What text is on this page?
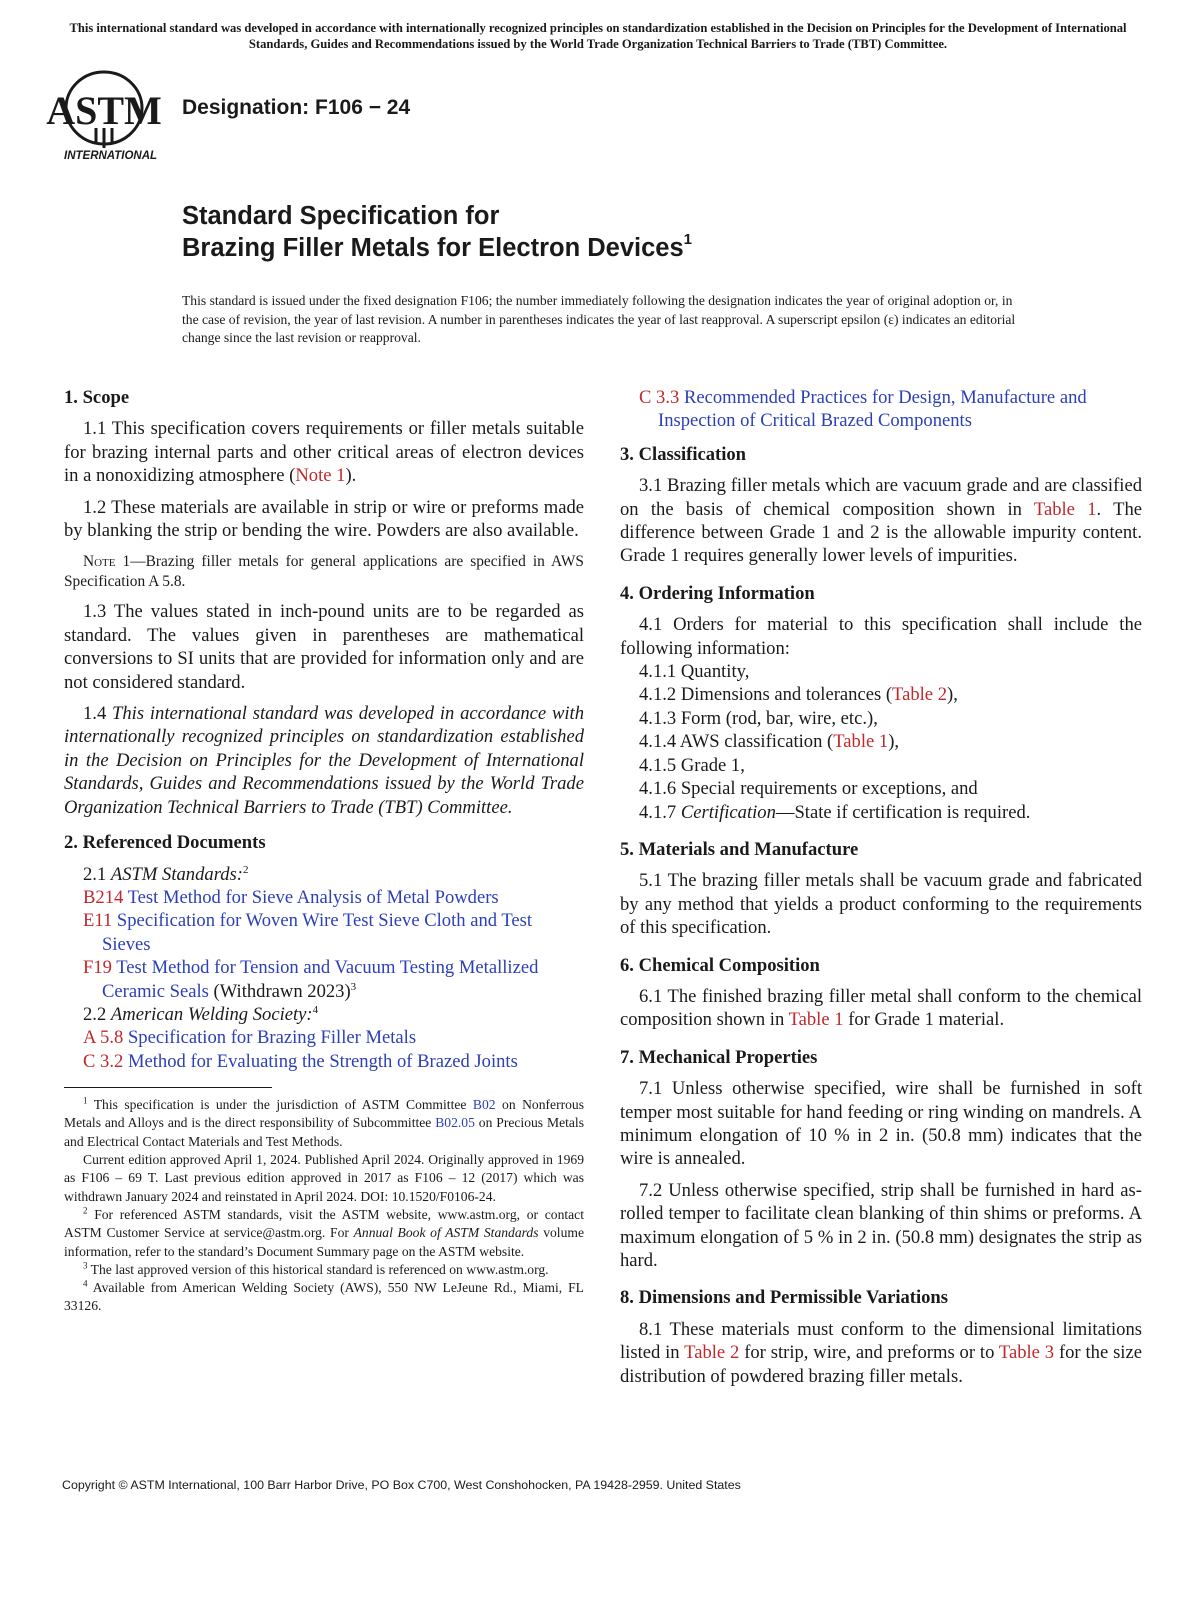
This international standard was developed in accordance with internationally recognized principles on standardization established in the Decision on Principles for the Development of International Standards, Guides and Recommendations issued by the World Trade Organization Technical Barriers to Trade (TBT) Committee.
ASTM
INTERNATIONAL
Designation: F106 − 24
Standard Specification for
Brazing Filler Metals for Electron Devices$^1$
This standard is issued under the fixed designation F106; the number immediately following the designation indicates the year of original adoption or, in the case of revision, the year of last revision. A number in parentheses indicates the year of last reapproval. A superscript epsilon (ε) indicates an editorial change since the last revision or reapproval.
1. Scope

1.1 This specification covers requirements or filler metals suitable for brazing internal parts and other critical areas of electron devices in a nonoxidizing atmosphere (Note 1).

1.2 These materials are available in strip or wire or preforms made by blanking the strip or bending the wire. Powders are also available.

Note 1—Brazing filler metals for general applications are specified in AWS Specification A 5.8.

1.3 The values stated in inch-pound units are to be regarded as standard. The values given in parentheses are mathematical conversions to SI units that are provided for information only and are not considered standard.

1.4 This international standard was developed in accordance with internationally recognized principles on standardization established in the Decision on Principles for the Development of International Standards, Guides and Recommendations issued by the World Trade Organization Technical Barriers to Trade (TBT) Committee.

2. Referenced Documents

2.1 ASTM Standards:$^2$

B214 Test Method for Sieve Analysis of Metal Powders

E11 Specification for Woven Wire Test Sieve Cloth and Test Sieves

F19 Test Method for Tension and Vacuum Testing Metallized Ceramic Seals (Withdrawn 2023)$^3$

2.2 American Welding Society:$^4$

A 5.8 Specification for Brazing Filler Metals

C 3.2 Method for Evaluating the Strength of Brazed Joints

$^1$ This specification is under the jurisdiction of ASTM Committee B02 on Nonferrous Metals and Alloys and is the direct responsibility of Subcommittee B02.05 on Precious Metals and Electrical Contact Materials and Test Methods.

Current edition approved April 1, 2024. Published April 2024. Originally approved in 1969 as F106 – 69 T. Last previous edition approved in 2017 as F106 – 12 (2017) which was withdrawn January 2024 and reinstated in April 2024. DOI: 10.1520/F0106-24.

$^2$ For referenced ASTM standards, visit the ASTM website, www.astm.org, or contact ASTM Customer Service at service@astm.org. For Annual Book of ASTM Standards volume information, refer to the standard’s Document Summary page on the ASTM website.

$^3$ The last approved version of this historical standard is referenced on www.astm.org.

$^4$ Available from American Welding Society (AWS), 550 NW LeJeune Rd., Miami, FL 33126.

C 3.3 Recommended Practices for Design, Manufacture and Inspection of Critical Brazed Components

3. Classification

3.1 Brazing filler metals which are vacuum grade and are classified on the basis of chemical composition shown in Table 1. The difference between Grade 1 and 2 is the allowable impurity content. Grade 1 requires generally lower levels of impurities.

4. Ordering Information

4.1 Orders for material to this specification shall include the following information:

4.1.1 Quantity,

4.1.2 Dimensions and tolerances (Table 2),

4.1.3 Form (rod, bar, wire, etc.),

4.1.4 AWS classification (Table 1),

4.1.5 Grade 1,

4.1.6 Special requirements or exceptions, and

4.1.7 Certification—State if certification is required.

5. Materials and Manufacture

5.1 The brazing filler metals shall be vacuum grade and fabricated by any method that yields a product conforming to the requirements of this specification.

6. Chemical Composition

6.1 The finished brazing filler metal shall conform to the chemical composition shown in Table 1 for Grade 1 material.

7. Mechanical Properties

7.1 Unless otherwise specified, wire shall be furnished in soft temper most suitable for hand feeding or ring winding on mandrels. A minimum elongation of 10 % in 2 in. (50.8 mm) indicates that the wire is annealed.

7.2 Unless otherwise specified, strip shall be furnished in hard as-rolled temper to facilitate clean blanking of thin shims or preforms. A maximum elongation of 5 % in 2 in. (50.8 mm) designates the strip as hard.

8. Dimensions and Permissible Variations

8.1 These materials must conform to the dimensional limitations listed in Table 2 for strip, wire, and preforms or to Table 3 for the size distribution of powdered brazing filler metals.

Copyright © ASTM International, 100 Barr Harbor Drive, PO Box C700, West Conshohocken, PA 19428-2959. United States
